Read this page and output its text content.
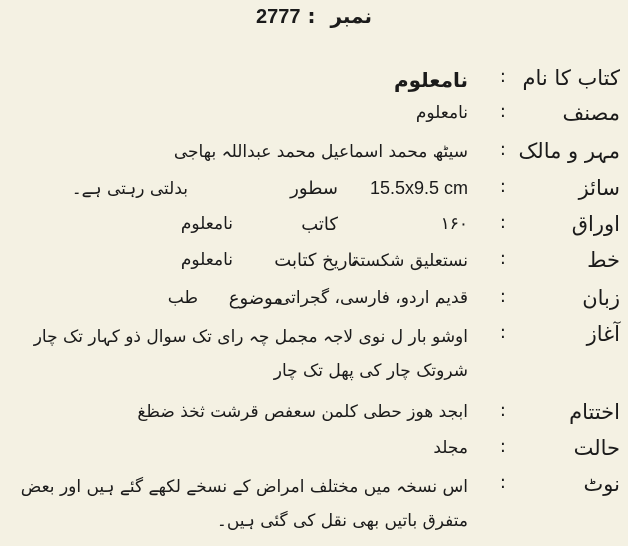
2777 : نمبر
کتاب کا نام
:
نامعلوم
مصنف
:
نامعلوم
مہر و مالک
:
سیٹھ محمد اسماعیل محمد عبداللہ بھاجی
سائز
:
15.5x9.5 cm
سطور
بدلتی رہتی ہے۔
اوراق
:
۱۶۰
کاتب
نامعلوم
خط
:
نستعلیق شکستہ
تاریخ کتابت
نامعلوم
زبان
:
قدیم اردو، فارسی، گجراتی
موضوع
طب
آغاز
:
اوشو بار ل نوی لاجہ مجمل چہ رای تک سوال ذو کہار تک چار شروتک چار کی پھل تک چار
اختتام
:
ابجد ھوز حطی کلمن سعفص قرشت ثخذ ضظغ
حالت
:
مجلد
نوٹ
:
اس نسخہ میں مختلف امراض کے نسخے لکھے گئے ہیں اور بعض متفرق باتیں بھی نقل کی گئی ہیں۔
